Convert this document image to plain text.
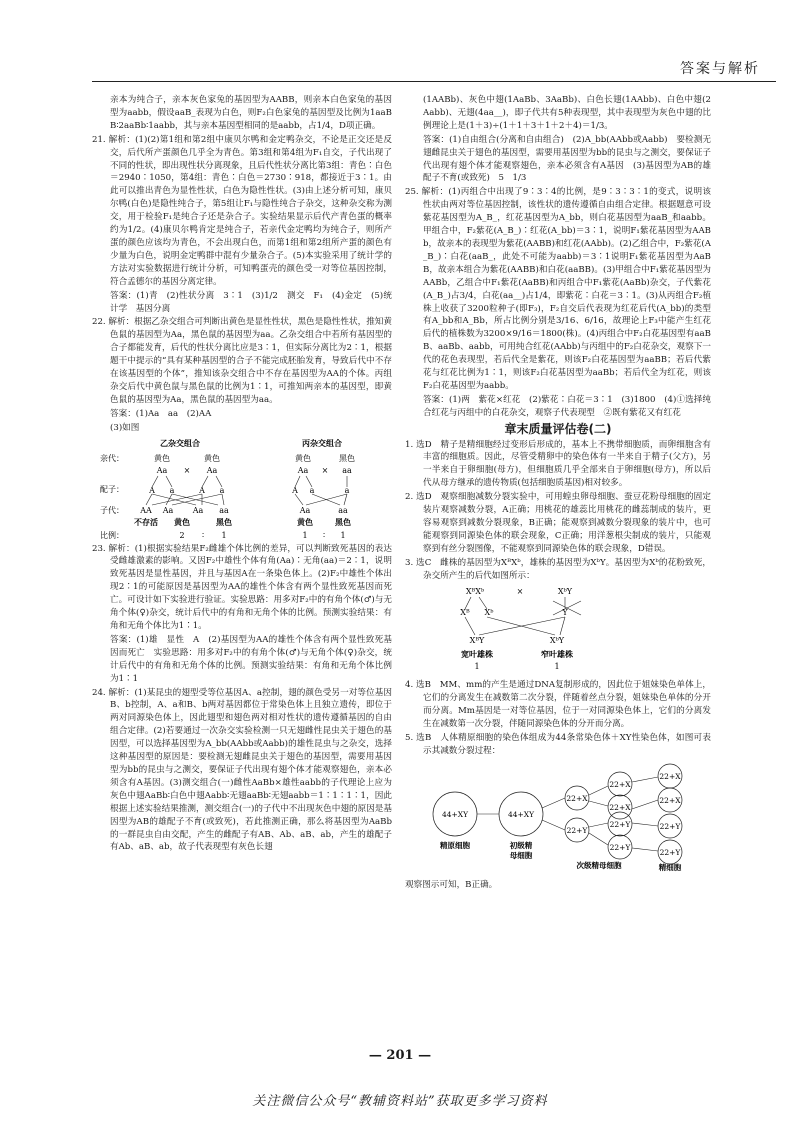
答案与解析

亲本为纯合子，亲本灰色家兔的基因型为AABB，则亲本白色家兔的基因型为aabb，假设aaB_表现为白色，则F₂白色家兔的基因型及比例为1aaBB∶2aaBb∶1aabb，其与亲本基因型相同的是aabb，占1/4，D项正确。

21. 解析：(1)(2)第1组和第2组中康贝尔鸭和金定鸭杂交，不论是正交还是反交，后代所产蛋颜色几乎全为青色。第3组和第4组为F₁自交，子代出现了不同的性状，即出现性状分离现象，且后代性状分离比第3组：青色∶白色＝2940∶1050，第4组：青色∶白色＝2730∶918，都接近于3∶1。由此可以推出青色为显性性状，白色为隐性性状。(3)由上述分析可知，康贝尔鸭(白色)是隐性纯合子，第5组让F₁与隐性纯合子杂交，这种杂交称为测交，用于检验F₁是纯合子还是杂合子。实验结果显示后代产青色蛋的概率约为1/2。(4)康贝尔鸭肯定是纯合子，若亲代金定鸭均为纯合子，则所产蛋的颜色应该均为青色，不会出现白色，而第1组和第2组所产蛋的颜色有少量为白色，说明金定鸭群中混有少量杂合子。(5)本实验采用了统计学的方法对实验数据进行统计分析，可知鸭蛋壳的颜色受一对等位基因控制，符合孟德尔的基因分离定律。

答案：(1)青　(2)性状分离　3∶1　(3)1/2　测交　F₁　(4)金定　(5)统计学　基因分离

22. 解析：根据乙杂交组合可判断出黄色是显性性状，黑色是隐性性状，推知黄色鼠的基因型为Aa，黑色鼠的基因型为aa。乙杂交组合中若所有基因型的合子都能发育，后代的性状分离比应是3∶1，但实际分离比为2∶1，根据题干中提示的“具有某种基因型的合子不能完成胚胎发育，导致后代中不存在该基因型的个体”，推知该杂交组合中不存在基因型为AA的个体。丙组杂交后代中黄色鼠与黑色鼠的比例为1∶1，可推知两亲本的基因型，即黄色鼠的基因型为Aa，黑色鼠的基因型为aa。

答案：(1)Aa　aa　(2)AA

(3)如图

乙杂交组合	丙杂交组合
亲代：	黄色	黄色	黄色	黑色
Aa × Aa	Aa × aa
配子：	A a	A a	A a	a
子代： AA Aa Aa aa	Aa	aa
不存活 黄色	黑色	黄色	黑色
比例：	2 ∶ 1	1 ∶ 1

23. 解析：(1)根据实验结果F₂雌雄个体比例的差异，可以判断致死基因的表达受雌雄激素的影响。又因F₂中雄性个体有角(Aa)∶无角(aa)＝2∶1，说明致死基因是显性基因，并且与基因A在一条染色体上。(2)F₂中雄性个体出现2∶1的可能原因是基因型为AA的雄性个体含有两个显性致死基因而死亡。可设计如下实验进行验证。实验思路：用多对F₂中的有角个体(♂)与无角个体(♀)杂交，统计后代中的有角和无角个体的比例。预测实验结果：有角和无角个体比为1∶1。

答案：(1)雄　显性　A　(2)基因型为AA的雄性个体含有两个显性致死基因而死亡　实验思路：用多对F₂中的有角个体(♂)与无角个体(♀)杂交，统计后代中的有角和无角个体的比例。预测实验结果：有角和无角个体比例为1∶1

24. 解析：(1)某昆虫的翅型受等位基因A、a控制，翅的颜色受另一对等位基因B、b控制，A、a和B、b两对基因都位于常染色体上且独立遗传，即位于两对同源染色体上，因此翅型和翅色两对相对性状的遗传遵循基因的自由组合定律。(2)若要通过一次杂交实验检测一只无翅雌性昆虫关于翅色的基因型，可以选择基因型为A_bb(AAbb或Aabb)的雄性昆虫与之杂交，选择这种基因型的原因是：要检测无翅雌昆虫关于翅色的基因型，需要用基因型为bb的昆虫与之测交，要保证子代出现有翅个体才能观察翅色，亲本必须含有A基因。(3)测交组合(一)雌性AaBb×雄性aabb的子代理论上应为灰色中翅AaBb∶白色中翅Aabb∶无翅aaBb∶无翅aabb＝1∶1∶1∶1，因此根据上述实验结果推测，测交组合(一)的子代中不出现灰色中翅的原因是基因型为AB的雄配子不育(或致死)，若此推测正确，那么将基因型为AaBb的一群昆虫自由交配，产生的雌配子有AB、Ab、aB、ab，产生的雄配子有Ab、aB、ab，故子代表现型有灰色长翅

(1AABb)、灰色中翅(1AaBb、3AaBb)、白色长翅(1AAbb)、白色中翅(2Aabb)、无翅(4aa__)，即子代共有5种表现型，其中表现型为灰色中翅的比例理论上是(1＋3)÷(1＋1＋3＋1＋2＋4)＝1/3。

答案：(1)自由组合(分离和自由组合)　(2)A_bb(AAbb或Aabb)　要检测无翅雌昆虫关于翅色的基因型，需要用基因型为bb的昆虫与之测交，要保证子代出现有翅个体才能观察翅色，亲本必须含有A基因　(3)基因型为AB的雄配子不育(或致死)　5　1/3

25. 解析：(1)丙组合中出现了9∶3∶4的比例，是9∶3∶3∶1的变式，说明该性状由两对等位基因控制，该性状的遗传遵循自由组合定律。根据题意可设紫花基因型为A_B_，红花基因型为A_bb，则白花基因型为aaB_和aabb。甲组合中，F₂紫花(A_B_)∶红花(A_bb)＝3∶1，说明F₁紫花基因型为AABb，故亲本的表现型为紫花(AABB)和红花(AAbb)。(2)乙组合中，F₂紫花(A_B_)∶白花(aaB_，此处不可能为aabb)＝3∶1说明F₁紫花基因型为AaBB，故亲本组合为紫花(AABB)和白花(aaBB)。(3)甲组合中F₁紫花基因型为AABb，乙组合中F₁紫花(AaBB)和丙组合中F₁紫花(AaBb)杂交，子代紫花(A_B_)占3/4，白花(aa__)占1/4，即紫花∶白花＝3∶1。(3)从丙组合F₂植株上收获了3200粒种子(即F₃)，F₂自交后代表现为红花后代(A_bb)的类型有A_bb和A_Bb，所占比例分别是3/16、6/16，故理论上F₃中能产生红花后代的植株数为3200×9/16＝1800(株)。(4)丙组合中F₂白花基因型有aaBB、aaBb、aabb，可用纯合红花(AAbb)与丙组中的F₂白花杂交，观察下一代的花色表现型，若后代全是紫花，则该F₂白花基因型为aaBB；若后代紫花与红花比例为1∶1，则该F₂白花基因型为aaBb；若后代全为红花，则该F₂白花基因型为aabb。

答案：(1)两　紫花×红花　(2)紫花∶白花＝3∶1　(3)1800　(4)①选择纯合红花与丙组中的白花杂交，观察子代表现型　②既有紫花又有红花

章末质量评估卷(二)

1. 选D　精子是精细胞经过变形后形成的，基本上不携带细胞质，而卵细胞含有丰富的细胞质。因此，尽管受精卵中的染色体有一半来自于精子(父方)，另一半来自于卵细胞(母方)，但细胞质几乎全部来自于卵细胞(母方)，所以后代从母方继承的遗传物质(包括细胞质基因)相对较多。

2. 选D　观察细胞减数分裂实验中，可用蝗虫卵母细胞、蚕豆花粉母细胞的固定装片观察减数分裂，A正确；用桃花的雄蕊比用桃花的雌蕊制成的装片，更容易观察到减数分裂现象，B正确；能观察到减数分裂现象的装片中，也可能观察到同源染色体的联会现象，C正确；用洋葱根尖制成的装片，只能观察到有丝分裂图像，不能观察到同源染色体的联会现象，D错误。

3. 选C　雌株的基因型为XᴮXᵇ，雄株的基因型为XᵇY。基因型为Xᵇ的花粉致死，杂交所产生的后代如图所示：

XᴮXᵇ	×	XᵇY
Xᴮ Xᵇ	Y
XᴮY	XᵇY
宽叶雄株	窄叶雄株
1	1

4. 选B　MM、mm的产生是通过DNA复制形成的，因此位于姐妹染色单体上，它们的分离发生在减数第二次分裂，伴随着丝点分裂，姐妹染色单体的分开而分离。Mm基因是一对等位基因，位于一对同源染色体上，它们的分离发生在减数第一次分裂，伴随同源染色体的分开而分离。

5. 选B　人体精原细胞的染色体组成为44条常染色体＋XY性染色体，如图可表示其减数分裂过程：

44+XY	44+XY
22+X
22+Y
22+X
22+X
22+Y
22+Y
22+X
22+X
22+Y
22+Y
精原细胞	初级精
母细胞
次级精母细胞	精细胞

观察图示可知，B正确。

— 201 —
关注微信公众号“教辅资料站”获取更多学习资料
